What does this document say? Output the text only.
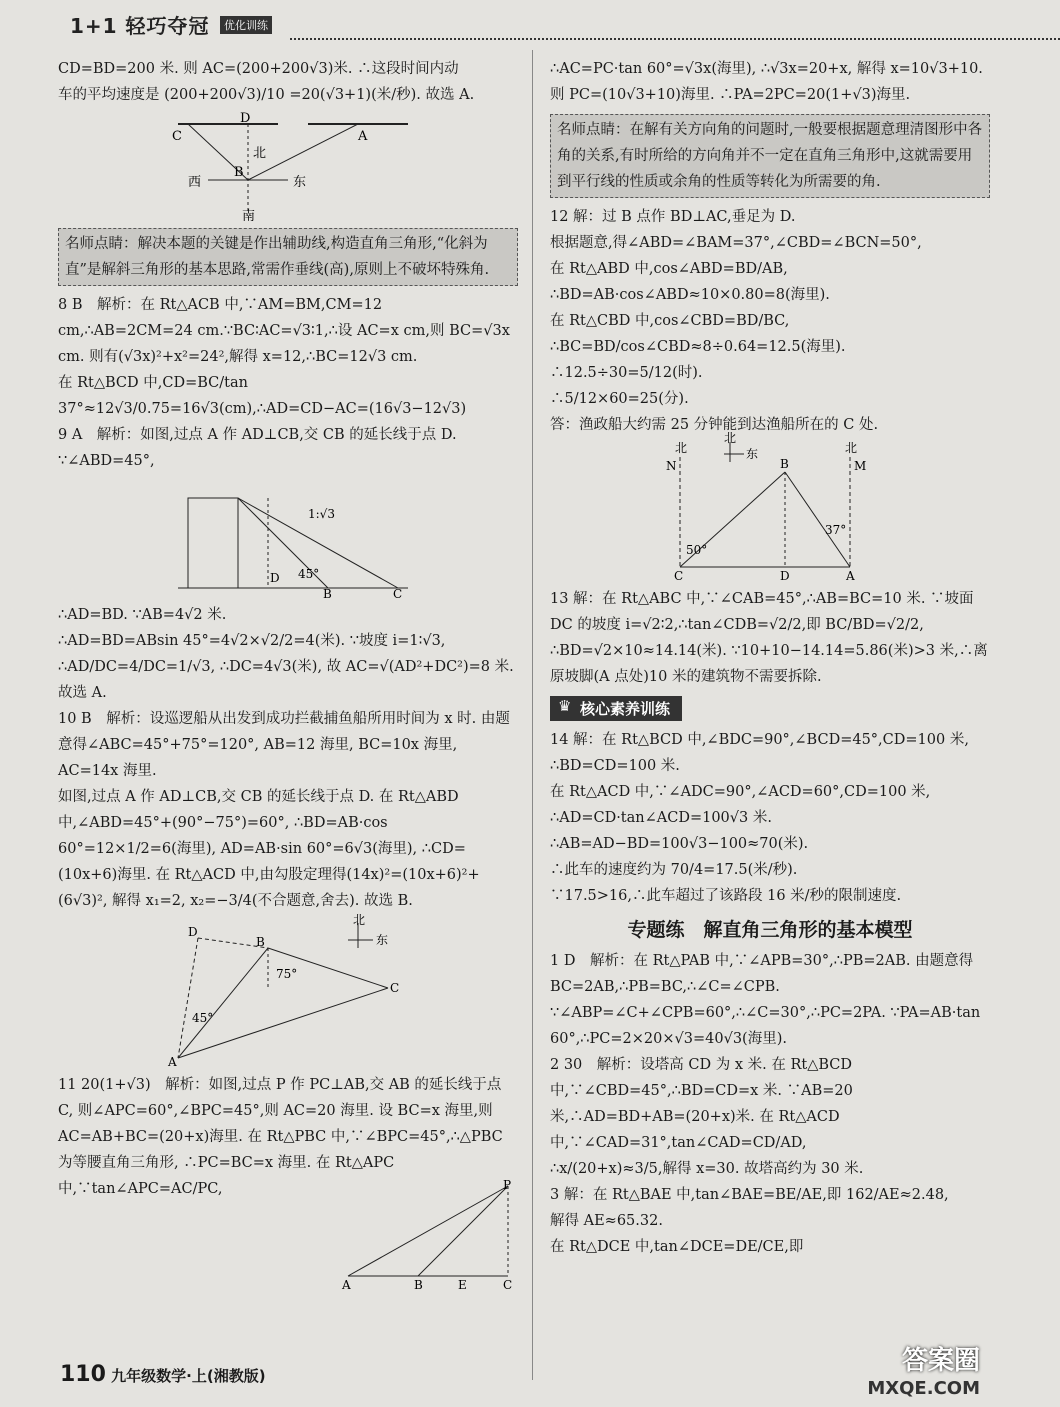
1+1 轻巧夺冠	优化训练

CD=BD=200 米. 则 AC=(200+200√3)米. ∴这段时间内动

车的平均速度是 (200+200√3)/10 =20(√3+1)(米/秒). 故选 A.

D
C	A
北
西
B
东
南

名师点睛：解决本题的关键是作出辅助线,构造直角三角形,“化斜为直”是解斜三角形的基本思路,常需作垂线(高),原则上不破坏特殊角.

8 B　解析：在 Rt△ACB 中,∵AM=BM,CM=12 cm,∴AB=2CM=24 cm.∵BC∶AC=√3∶1,∴设 AC=x cm,则 BC=√3x cm. 则有(√3x)²+x²=24²,解得 x=12,∴BC=12√3 cm.

在 Rt△BCD 中,CD=BC/tan 37°≈12√3/0.75=16√3(cm),∴AD=CD−AC=(16√3−12√3)

9 A　解析：如图,过点 A 作 AD⊥CB,交 CB 的延长线于点 D. ∵∠ABD=45°,

1:√3
45°
D
B	C

∴AD=BD. ∵AB=4√2 米.

∴AD=BD=ABsin 45°=4√2×√2/2=4(米). ∵坡度 i=1∶√3, ∴AD/DC=4/DC=1/√3, ∴DC=4√3(米), 故 AC=√(AD²+DC²)=8 米. 故选 A.

10 B　解析：设巡逻船从出发到成功拦截捕鱼船所用时间为 x 时. 由题意得∠ABC=45°+75°=120°, AB=12 海里, BC=10x 海里, AC=14x 海里.

如图,过点 A 作 AD⊥CB,交 CB 的延长线于点 D. 在 Rt△ABD 中,∠ABD=45°+(90°−75°)=60°, ∴BD=AB·cos 60°=12×1/2=6(海里), AD=AB·sin 60°=6√3(海里), ∴CD=(10x+6)海里. 在 Rt△ACD 中,由勾股定理得(14x)²=(10x+6)²+(6√3)², 解得 x₁=2, x₂=−3/4(不合题意,舍去). 故选 B.

北
东
D
B
75°
45°
C
A

11 20(1+√3)　解析：如图,过点 P 作 PC⊥AB,交 AB 的延长线于点 C, 则∠APC=60°,∠BPC=45°,则 AC=20 海里. 设 BC=x 海里,则 AC=AB+BC=(20+x)海里. 在 Rt△PBC 中,∵∠BPC=45°,∴△PBC 为等腰直角三角形, ∴PC=BC=x 海里. 在 Rt△APC 中,∵tan∠APC=AC/PC,	P
A	B	E	C

∴AC=PC·tan 60°=√3x(海里), ∴√3x=20+x, 解得 x=10√3+10. 则 PC=(10√3+10)海里. ∴PA=2PC=20(1+√3)海里.

名师点睛：在解有关方向角的问题时,一般要根据题意理清图形中各角的关系,有时所给的方向角并不一定在直角三角形中,这就需要用到平行线的性质或余角的性质等转化为所需要的角.

12 解：过 B 点作 BD⊥AC,垂足为 D.

根据题意,得∠ABD=∠BAM=37°,∠CBD=∠BCN=50°,

在 Rt△ABD 中,cos∠ABD=BD/AB,

∴BD=AB·cos∠ABD≈10×0.80=8(海里).

在 Rt△CBD 中,cos∠CBD=BD/BC,

∴BC=BD/cos∠CBD≈8÷0.64=12.5(海里).

∴12.5÷30=5/12(时).

∴5/12×60=25(分).

答：渔政船大约需 25 分钟能到达渔船所在的 C 处.

北
北
北
N
东
B	M
37°
50°
C	D	A

13 解：在 Rt△ABC 中,∵∠CAB=45°,∴AB=BC=10 米. ∵坡面 DC 的坡度 i=√2∶2,∴tan∠CDB=√2/2,即 BC/BD=√2/2,

∴BD=√2×10≈14.14(米). ∵10+10−14.14=5.86(米)>3 米,∴离原坡脚(A 点处)10 米的建筑物不需要拆除.

♛ 核心素养训练

14 解：在 Rt△BCD 中,∠BDC=90°,∠BCD=45°,CD=100 米,

∴BD=CD=100 米.

在 Rt△ACD 中,∵∠ADC=90°,∠ACD=60°,CD=100 米,

∴AD=CD·tan∠ACD=100√3 米.

∴AB=AD−BD=100√3−100≈70(米).

∴此车的速度约为 70/4=17.5(米/秒).

∵17.5>16,∴此车超过了该路段 16 米/秒的限制速度.

专题练　解直角三角形的基本模型

1 D　解析：在 Rt△PAB 中,∵∠APB=30°,∴PB=2AB. 由题意得 BC=2AB,∴PB=BC,∴∠C=∠CPB. ∵∠ABP=∠C+∠CPB=60°,∴∠C=30°,∴PC=2PA. ∵PA=AB·tan 60°,∴PC=2×20×√3=40√3(海里).

2 30　解析：设塔高 CD 为 x 米. 在 Rt△BCD 中,∵∠CBD=45°,∴BD=CD=x 米. ∵AB=20 米,∴AD=BD+AB=(20+x)米. 在 Rt△ACD 中,∵∠CAD=31°,tan∠CAD=CD/AD,

∴x/(20+x)≈3/5,解得 x=30. 故塔高约为 30 米.

3 解：在 Rt△BAE 中,tan∠BAE=BE/AE,即 162/AE≈2.48,

解得 AE≈65.32.

在 Rt△DCE 中,tan∠DCE=DE/CE,即

110 九年级数学·上(湘教版)	答案圈
MXQE.COM
